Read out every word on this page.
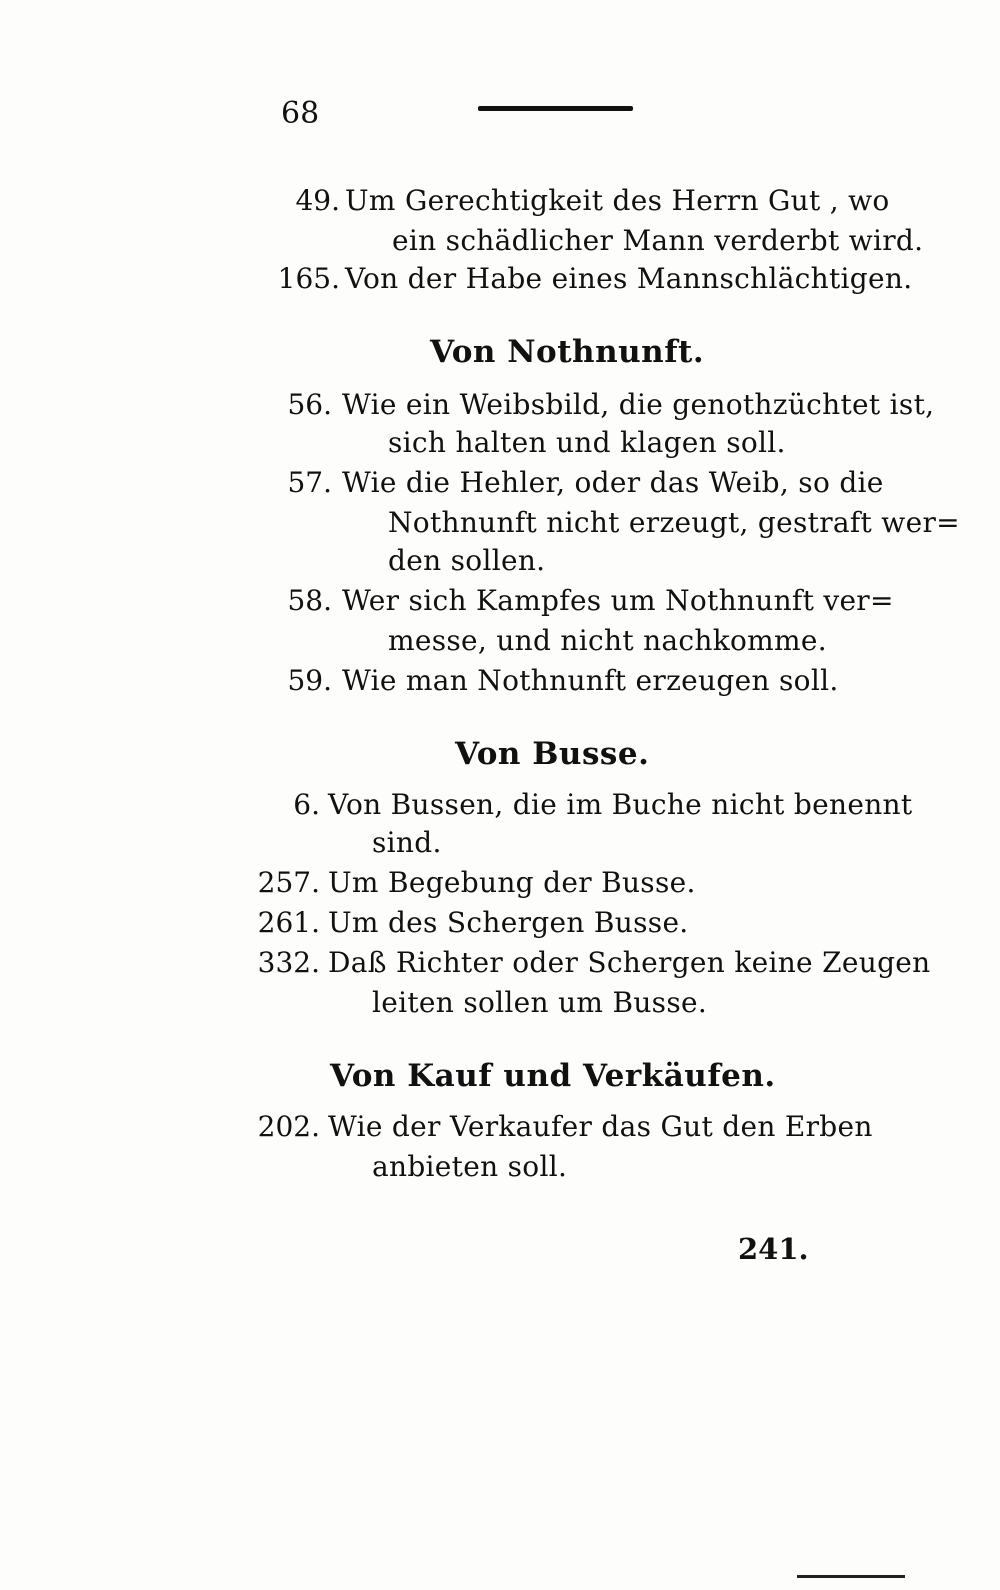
68
49. Um Gerechtigkeit des Herrn Gut , wo
ein schädlicher Mann verderbt wird.
165. Von der Habe eines Mannschlächtigen.
Von Nothnunft.
56. Wie ein Weibsbild, die genothzüchtet ist,
sich halten und klagen soll.
57. Wie die Hehler, oder das Weib, so die
Nothnunft nicht erzeugt, gestraft wer=
den sollen.
58. Wer sich Kampfes um Nothnunft ver=
messe, und nicht nachkomme.
59. Wie man Nothnunft erzeugen soll.
Von Busse.
6. Von Bussen, die im Buche nicht benennt
sind.
257. Um Begebung der Busse.
261. Um des Schergen Busse.
332. Daß Richter oder Schergen keine Zeugen
leiten sollen um Busse.
Von Kauf und Verkäufen.
202. Wie der Verkaufer das Gut den Erben
anbieten soll.
241.
